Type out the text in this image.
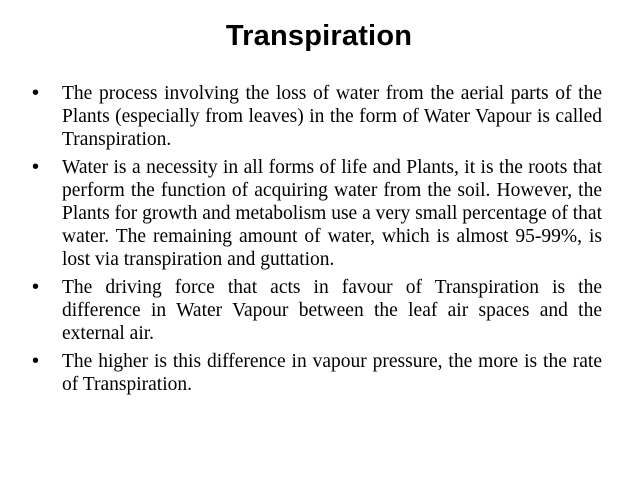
Transpiration
• The process involving the loss of water from the aerial parts of the Plants (especially from leaves) in the form of Water Vapour is called Transpiration.
• Water is a necessity in all forms of life and Plants, it is the roots that perform the function of acquiring water from the soil. However, the Plants for growth and metabolism use a very small percentage of that water. The remaining amount of water, which is almost 95-99%, is lost via transpiration and guttation.
• The driving force that acts in favour of Transpiration is the difference in Water Vapour between the leaf air spaces and the external air.
• The higher is this difference in vapour pressure, the more is the rate of Transpiration.
